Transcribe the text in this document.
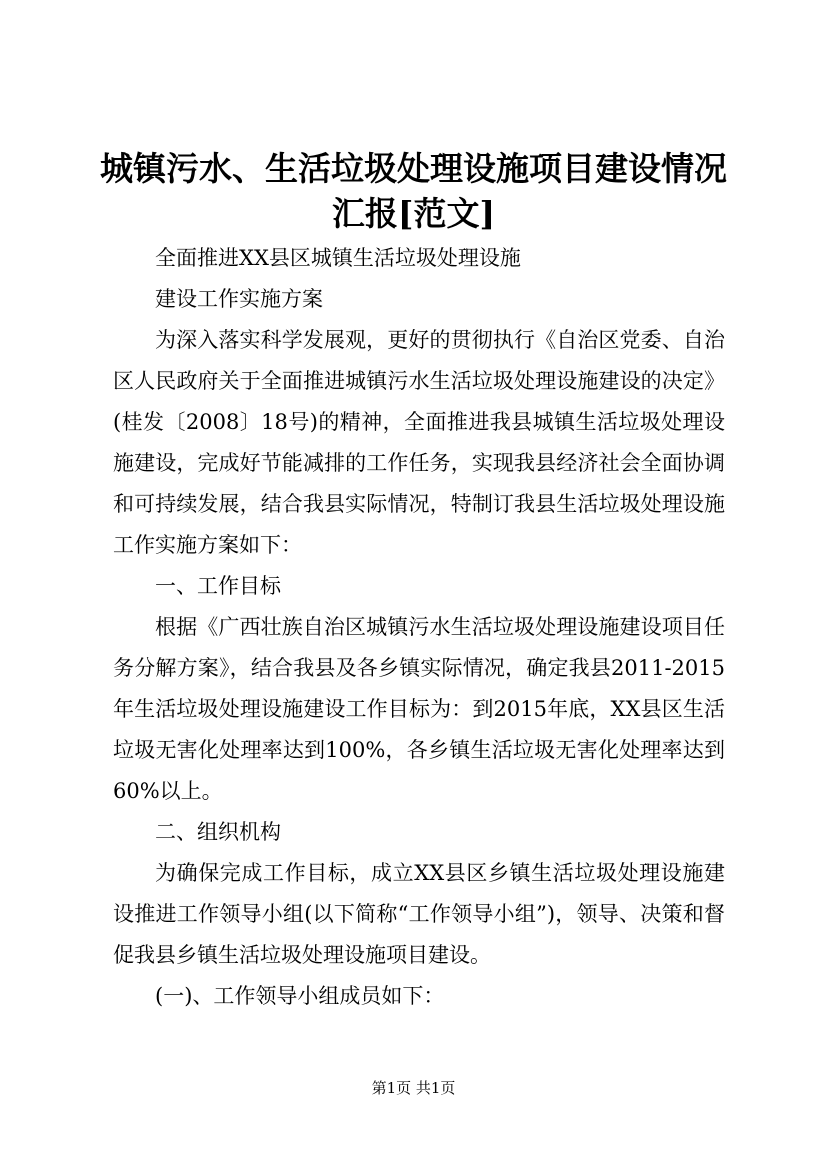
城镇污水、生活垃圾处理设施项目建设情况汇报[范文]

全面推进XX县区城镇生活垃圾处理设施

建设工作实施方案

为深入落实科学发展观，更好的贯彻执行《自治区党委、自治区人民政府关于全面推进城镇污水生活垃圾处理设施建设的决定》(桂发〔2008〕18号)的精神，全面推进我县城镇生活垃圾处理设施建设，完成好节能减排的工作任务，实现我县经济社会全面协调和可持续发展，结合我县实际情况，特制订我县生活垃圾处理设施工作实施方案如下：

一、工作目标

根据《广西壮族自治区城镇污水生活垃圾处理设施建设项目任务分解方案》，结合我县及各乡镇实际情况，确定我县2011-2015年生活垃圾处理设施建设工作目标为：到2015年底，XX县区生活垃圾无害化处理率达到100%，各乡镇生活垃圾无害化处理率达到60%以上。

二、组织机构

为确保完成工作目标，成立XX县区乡镇生活垃圾处理设施建设推进工作领导小组(以下简称“工作领导小组”)，领导、决策和督促我县乡镇生活垃圾处理设施项目建设。

(一)、工作领导小组成员如下：

第1页 共1页
